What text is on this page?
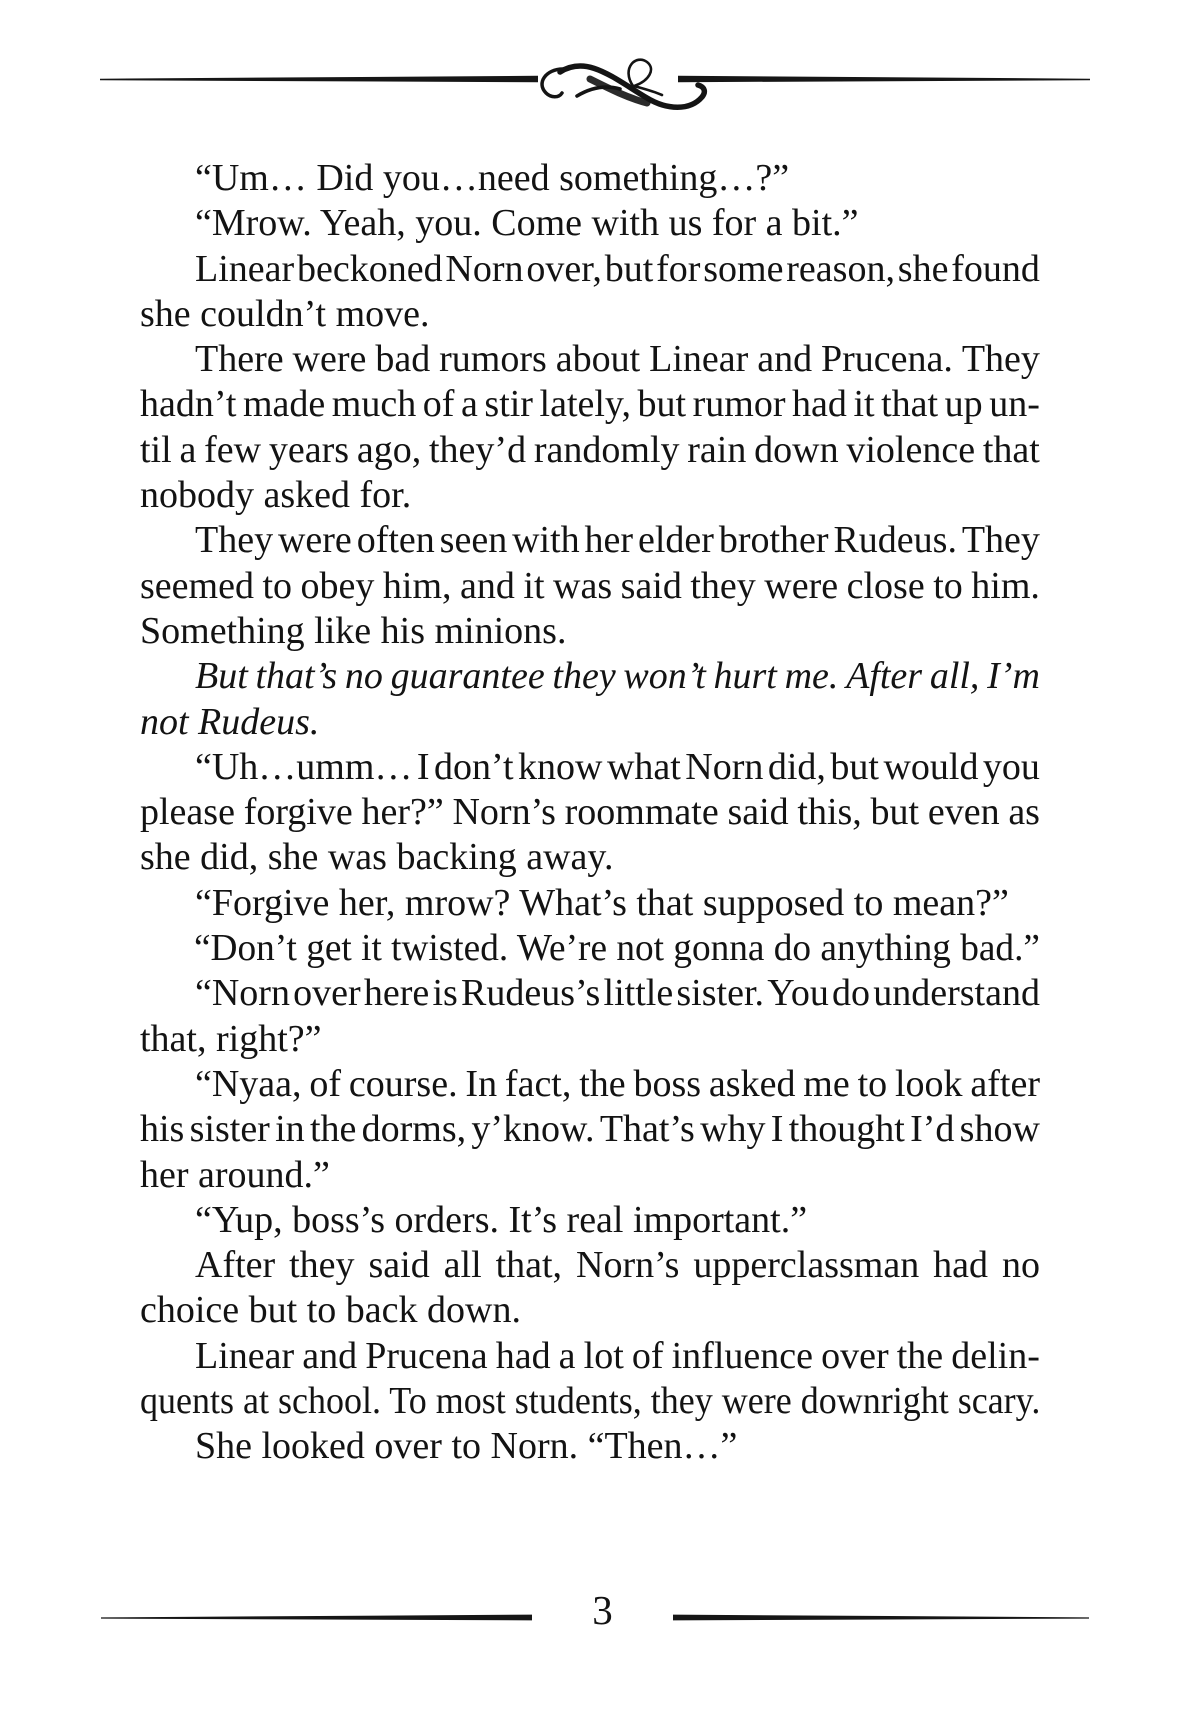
“Um… Did you…need something…?”
“Mrow. Yeah, you. Come with us for a bit.”
Linear beckoned Norn over, but for some reason, she found
she couldn’t move.
There were bad rumors about Linear and Prucena. They
hadn’t made much of a stir lately, but rumor had it that up un-
til a few years ago, they’d randomly rain down violence that
nobody asked for.
They were often seen with her elder brother Rudeus. They
seemed to obey him, and it was said they were close to him.
Something like his minions.
But that’s no guarantee they won’t hurt me. After all, I’m
not Rudeus.
“Uh…umm… I don’t know what Norn did, but would you
please forgive her?” Norn’s roommate said this, but even as
she did, she was backing away.
“Forgive her, mrow? What’s that supposed to mean?”
“Don’t get it twisted. We’re not gonna do anything bad.”
“Norn over here is Rudeus’s little sister. You do understand
that, right?”
“Nyaa, of course. In fact, the boss asked me to look after
his sister in the dorms, y’know. That’s why I thought I’d show
her around.”
“Yup, boss’s orders. It’s real important.”
After they said all that, Norn’s upperclassman had no
choice but to back down.
Linear and Prucena had a lot of influence over the delin-
quents at school. To most students, they were downright scary.
She looked over to Norn. “Then…”
3
